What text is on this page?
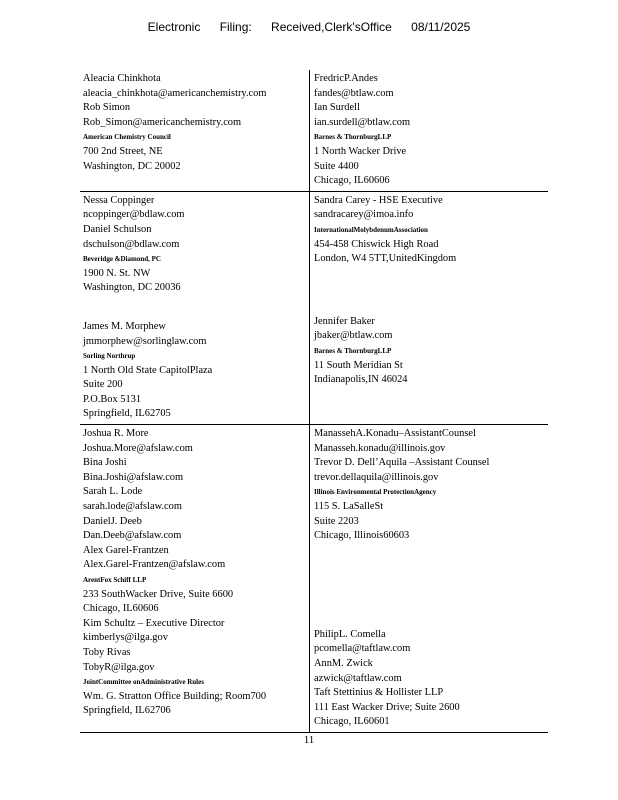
Electronic Filing: Received,Clerk'sOffice 08/11/2025
Aleacia Chinkhota
aleacia_chinkhota@americanchemistry.com
Rob Simon
Rob_Simon@americanchemistry.com
American Chemistry Council
700 2nd Street, NE
Washington, DC 20002
FredricP.Andes
fandes@btlaw.com
Ian Surdell
ian.surdell@btlaw.com
Barnes & ThornburgLLP
1 North Wacker Drive
Suite 4400
Chicago, IL60606
Nessa Coppinger
ncoppinger@bdlaw.com
Daniel Schulson
dschulson@bdlaw.com
Beveridge &Diamond, PC
1900 N. St. NW
Washington, DC 20036
James M. Morphew
jmmorphew@sorlinglaw.com
Sorling Northrup
1 North Old State CapitolPlaza
Suite 200
P.O.Box 5131
Springfield, IL62705
Sandra Carey - HSE Executive
sandracarey@imoa.info
InternationalMolybdenumAssociation
454-458 Chiswick High Road
London, W4 5TT,UnitedKingdom
Jennifer Baker
jbaker@btlaw.com
Barnes & ThornburgLLP
11 South Meridian St
Indianapolis,IN 46024
Joshua R. More
Joshua.More@afslaw.com
Bina Joshi
Bina.Joshi@afslaw.com
Sarah L. Lode
sarah.lode@afslaw.com
DanielJ. Deeb
Dan.Deeb@afslaw.com
Alex Garel-Frantzen
Alex.Garel-Frantzen@afslaw.com
ArentFox Schiff LLP
233 SouthWacker Drive, Suite 6600
Chicago, IL60606
Kim Schultz – Executive Director
kimberlys@ilga.gov
Toby Rivas
TobyR@ilga.gov
JointCommittee onAdministrative Rules
Wm. G. Stratton Office Building; Room700
Springfield, IL62706
ManassehA.Konadu–AssistantCounsel
Manasseh.konadu@illinois.gov
Trevor D. Dell’Aquila –Assistant Counsel
trevor.dellaquila@illinois.gov
Illinois Environmental ProtectionAgency
115 S. LaSalleSt
Suite 2203
Chicago, Illinois60603
PhilipL. Comella
pcomella@taftlaw.com
AnnM. Zwick
azwick@taftlaw.com
Taft Stettinius & Hollister LLP
111 East Wacker Drive; Suite 2600
Chicago, IL60601
11
